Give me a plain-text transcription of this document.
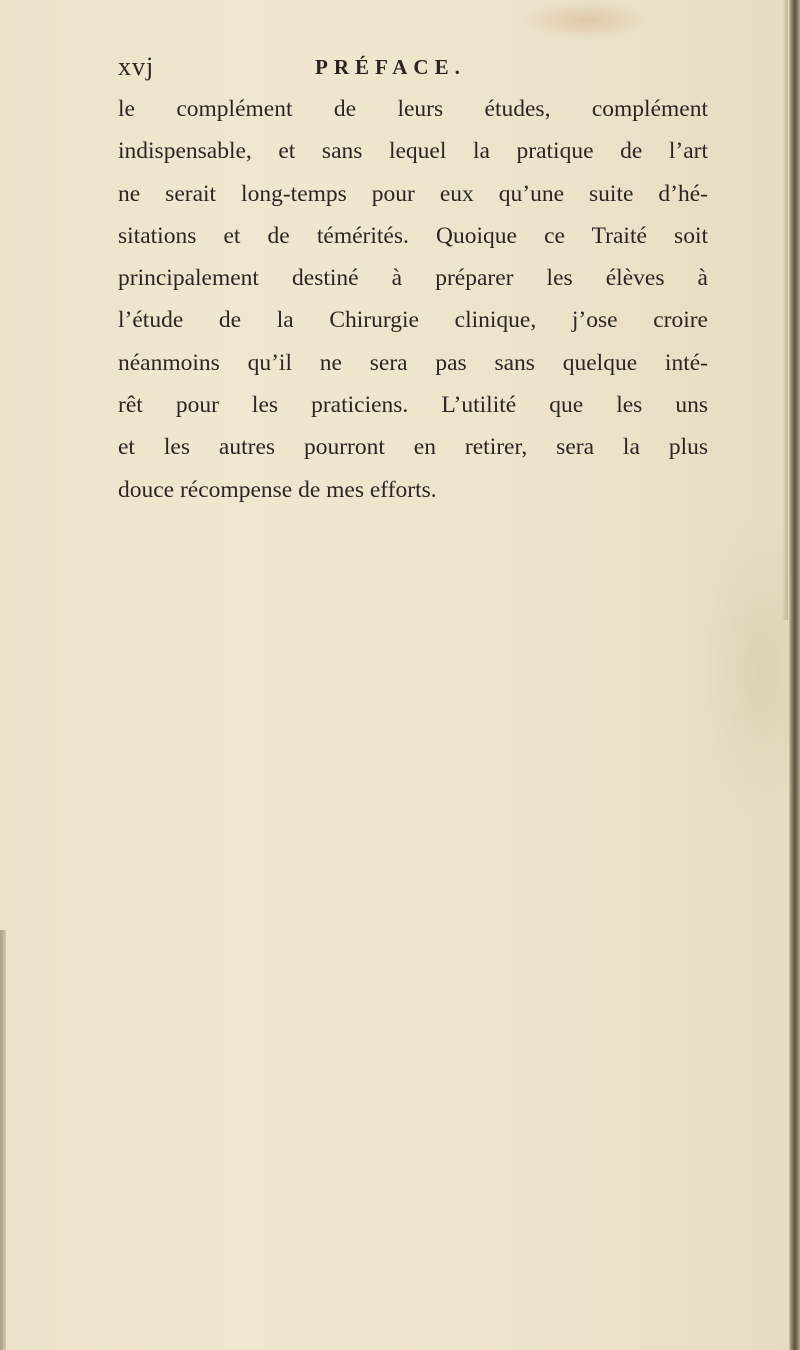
xvj	PRÉFACE.
le complément de leurs études, complément
indispensable, et sans lequel la pratique de l’art
ne serait long-temps pour eux qu’une suite d’hé-
sitations et de témérités. Quoique ce Traité soit
principalement destiné à préparer les élèves à
l’étude de la Chirurgie clinique, j’ose croire
néanmoins qu’il ne sera pas sans quelque inté-
rêt pour les praticiens. L’utilité que les uns
et les autres pourront en retirer, sera la plus
douce récompense de mes efforts.
